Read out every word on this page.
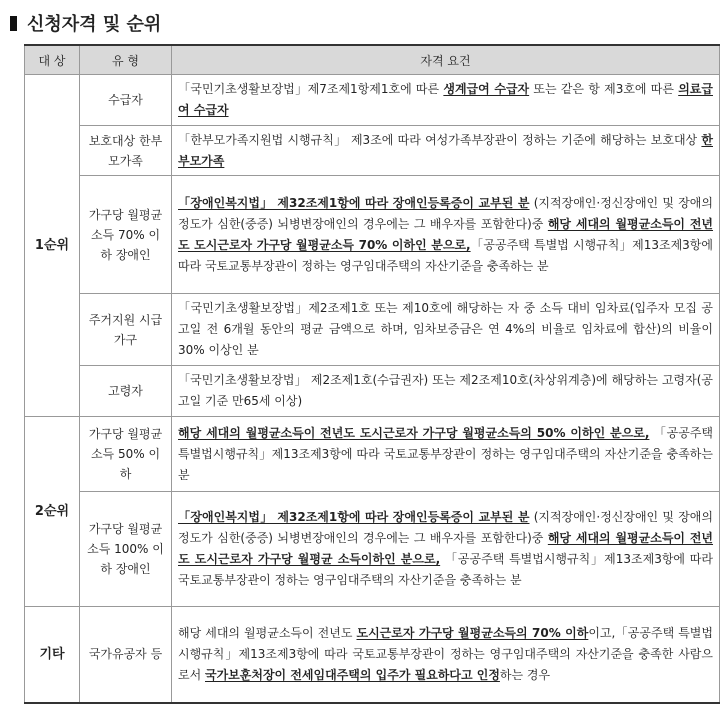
신청자격 및 순위
대 상	유 형	자격 요건
1순위	수급자	「국민기초생활보장법」제7조제1항제1호에 따른 생계급여 수급자 또는 같은 항 제3호에 따른 의료급여 수급자
	보호대상 한부모가족	「한부모가족지원법 시행규칙」 제3조에 따라 여성가족부장관이 정하는 기준에 해당하는 보호대상 한부모가족
	가구당 월평균소득 70% 이하 장애인	「장애인복지법」 제32조제1항에 따라 장애인등록증이 교부된 분 (지적장애인·정신장애인 및 장애의 정도가 심한(중증) 뇌병변장애인의 경우에는 그 배우자를 포함한다)중 해당 세대의 월평균소득이 전년도 도시근로자 가구당 월평균소득 70% 이하인 분으로,「공공주택 특별법 시행규칙」제13조제3항에 따라 국토교통부장관이 정하는 영구임대주택의 자산기준을 충족하는 분
	주거지원 시급가구	「국민기초생활보장법」제2조제1호 또는 제10호에 해당하는 자 중 소득 대비 임차료(입주자 모집 공고일 전 6개월 동안의 평균 금액으로 하며, 임차보증금은 연 4%의 비율로 임차료에 합산)의 비율이 30% 이상인 분
	고령자	「국민기초생활보장법」 제2조제1호(수급권자) 또는 제2조제10호(차상위계층)에 해당하는 고령자(공고일 기준 만65세 이상)
2순위	가구당 월평균소득 50% 이하	해당 세대의 월평균소득이 전년도 도시근로자 가구당 월평균소득의 50% 이하인 분으로, 「공공주택 특별법시행규칙」제13조제3항에 따라 국토교통부장관이 정하는 영구임대주택의 자산기준을 충족하는 분
	가구당 월평균소득 100% 이하 장애인	「장애인복지법」 제32조제1항에 따라 장애인등록증이 교부된 분 (지적장애인·정신장애인 및 장애의 정도가 심한(중증) 뇌병변장애인의 경우에는 그 배우자를 포함한다)중 해당 세대의 월평균소득이 전년도 도시근로자 가구당 월평균 소득이하인 분으로, 「공공주택 특별법시행규칙」제13조제3항에 따라 국토교통부장관이 정하는 영구임대주택의 자산기준을 충족하는 분
기타	국가유공자 등	해당 세대의 월평균소득이 전년도 도시근로자 가구당 월평균소득의 70% 이하이고,「공공주택 특별법시행규칙」제13조제3항에 따라 국토교통부장관이 정하는 영구임대주택의 자산기준을 충족한 사람으로서 국가보훈처장이 전세임대주택의 입주가 필요하다고 인정하는 경우
